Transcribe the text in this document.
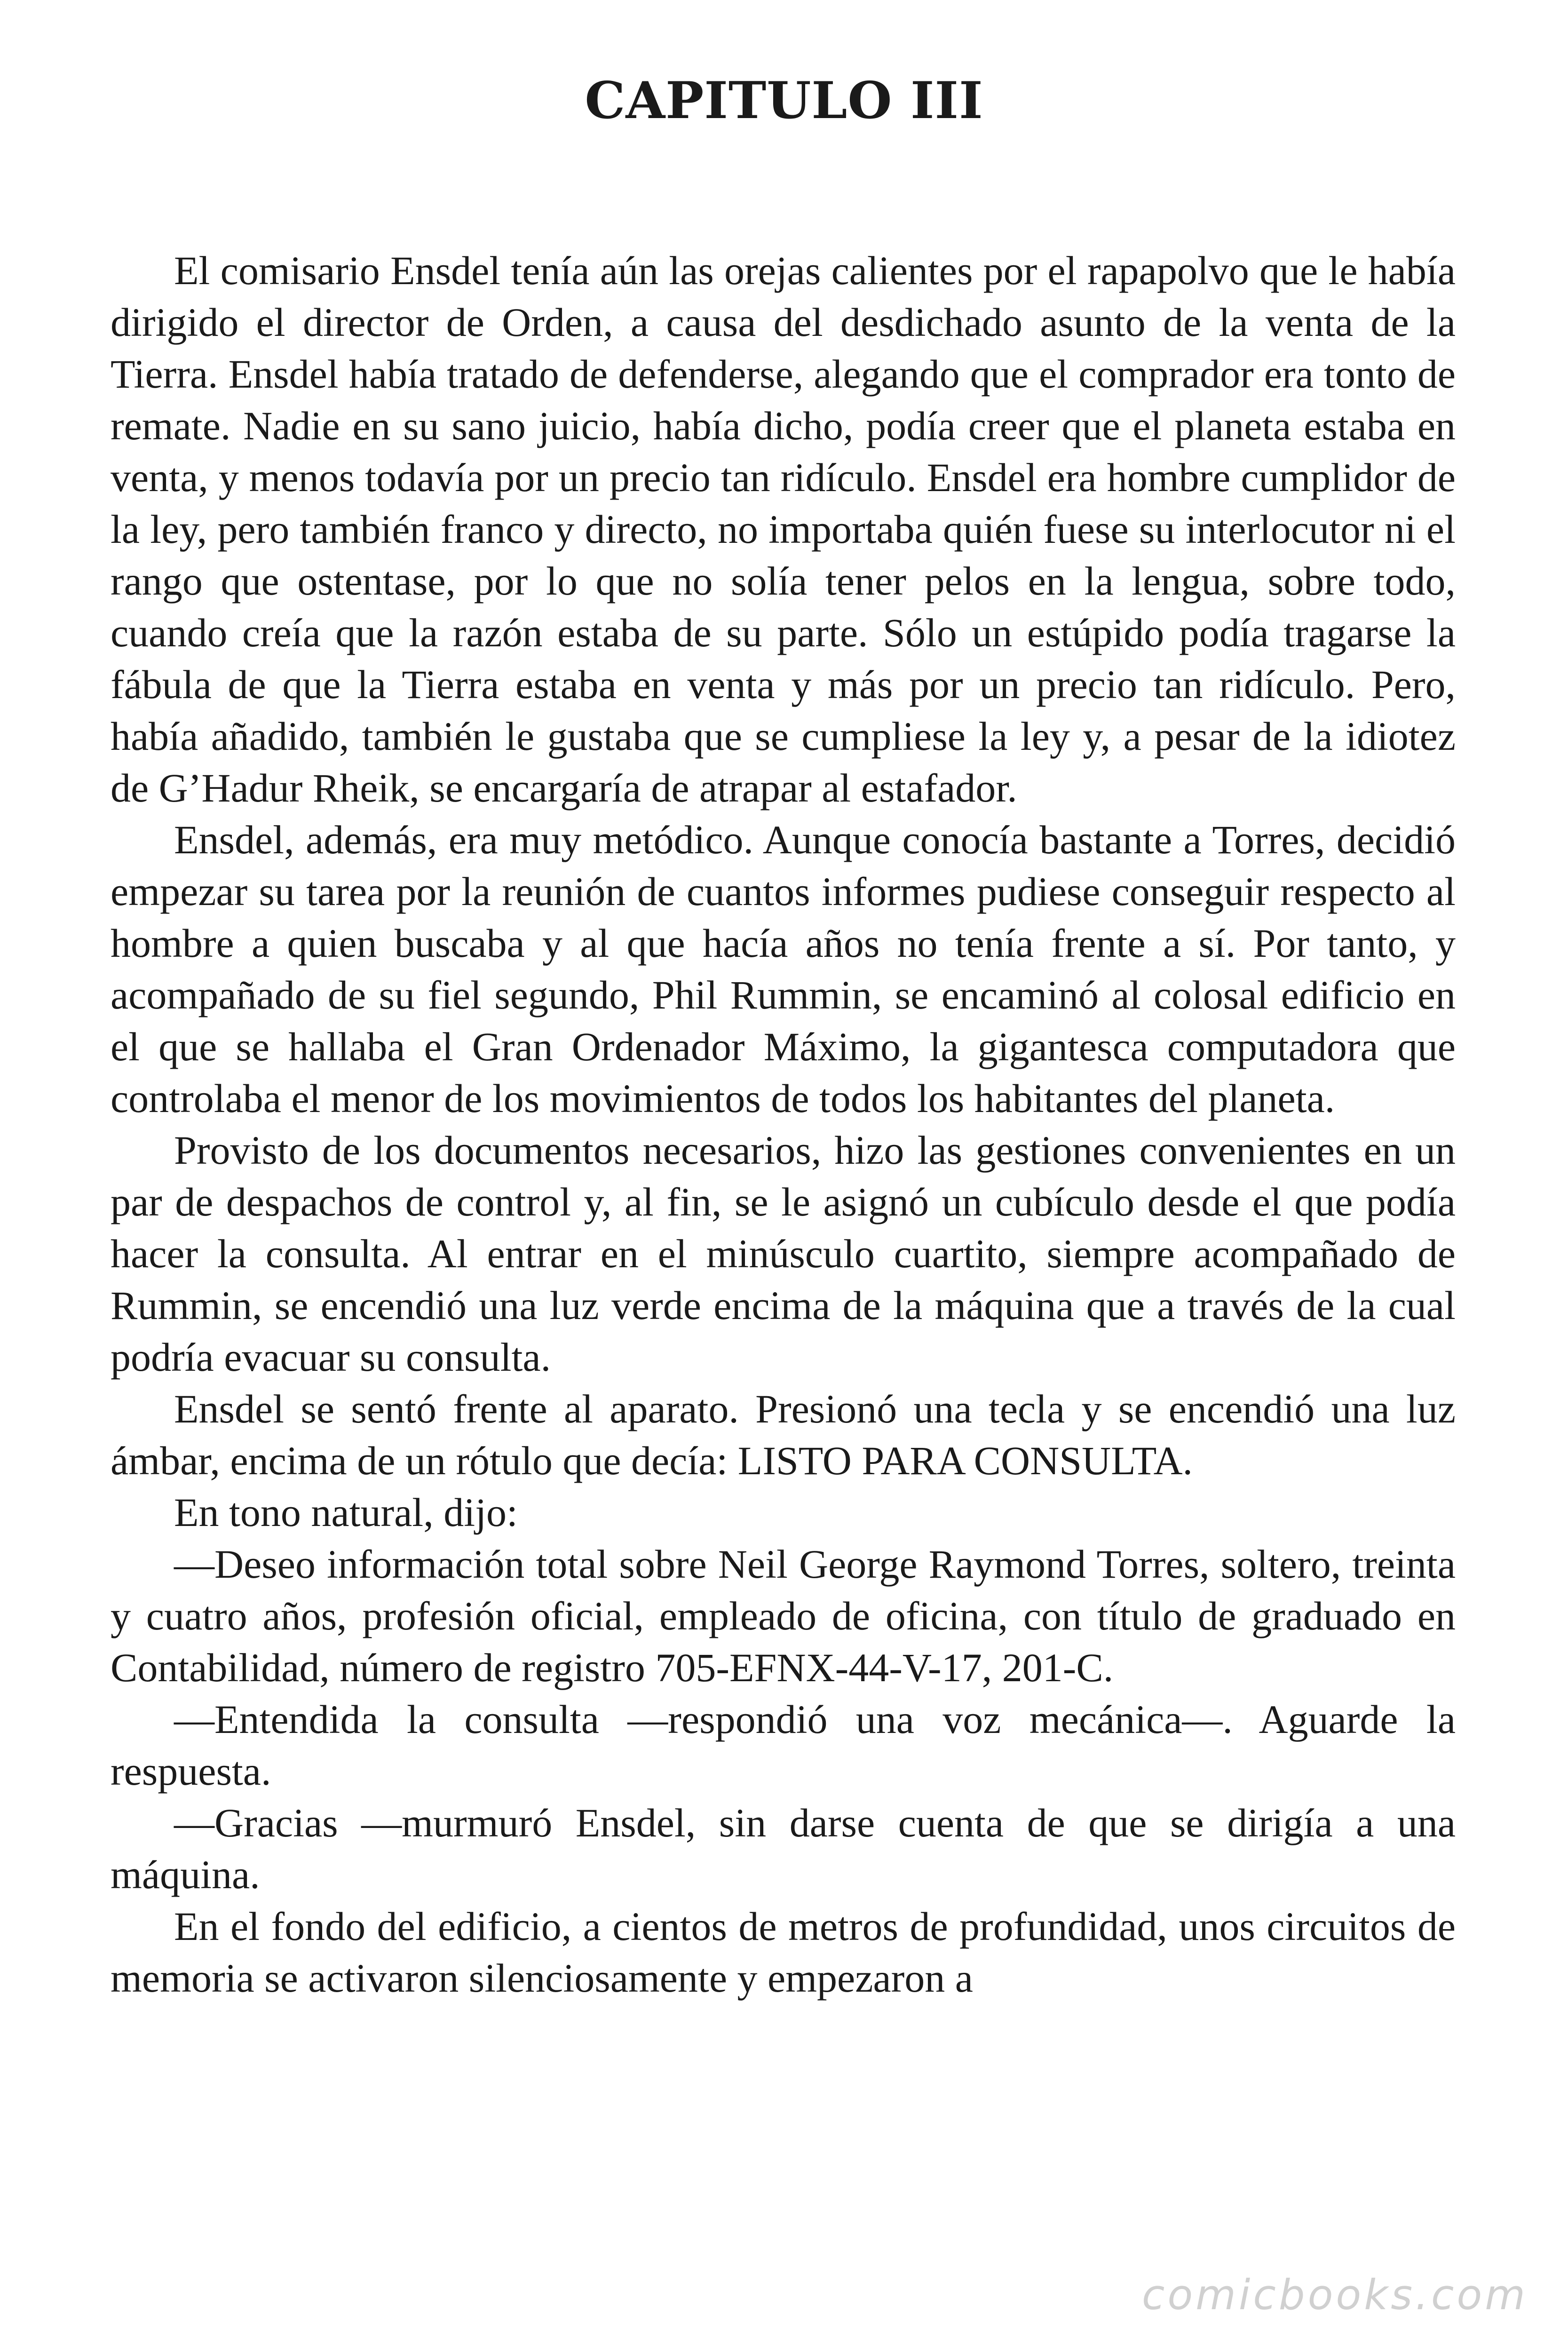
CAPITULO III

El comisario Ensdel tenía aún las orejas calientes por el rapapolvo que le había dirigido el director de Orden, a causa del desdichado asunto de la venta de la Tierra. Ensdel había tratado de defenderse, alegando que el comprador era tonto de remate. Nadie en su sano juicio, había dicho, podía creer que el planeta estaba en venta, y menos todavía por un precio tan ridículo. Ensdel era hombre cumplidor de la ley, pero también franco y directo, no importaba quién fuese su interlocutor ni el rango que ostentase, por lo que no solía tener pelos en la lengua, sobre todo, cuando creía que la razón estaba de su parte. Sólo un estúpido podía tragarse la fábula de que la Tierra estaba en venta y más por un precio tan ridículo. Pero, había añadido, también le gustaba que se cumpliese la ley y, a pesar de la idiotez de G’Hadur Rheik, se encargaría de atrapar al estafador.

Ensdel, además, era muy metódico. Aunque conocía bastante a Torres, decidió empezar su tarea por la reunión de cuantos informes pudiese conseguir respecto al hombre a quien buscaba y al que hacía años no tenía frente a sí. Por tanto, y acompañado de su fiel segundo, Phil Rummin, se encaminó al colosal edificio en el que se hallaba el Gran Ordenador Máximo, la gigantesca computadora que controlaba el menor de los movimientos de todos los habitantes del planeta.

Provisto de los documentos necesarios, hizo las gestiones convenientes en un par de despachos de control y, al fin, se le asignó un cubículo desde el que podía hacer la consulta. Al entrar en el minúsculo cuartito, siempre acompañado de Rummin, se encendió una luz verde encima de la máquina que a través de la cual podría evacuar su consulta.

Ensdel se sentó frente al aparato. Presionó una tecla y se encendió una luz ámbar, encima de un rótulo que decía: LISTO PARA CONSULTA.

En tono natural, dijo:

—Deseo información total sobre Neil George Raymond Torres, soltero, treinta y cuatro años, profesión oficial, empleado de oficina, con título de graduado en Contabilidad, número de registro 705-EFNX-44-V-17, 201-C.

—Entendida la consulta —respondió una voz mecánica—. Aguarde la respuesta.

—Gracias —murmuró Ensdel, sin darse cuenta de que se dirigía a una máquina.

En el fondo del edificio, a cientos de metros de profundidad, unos circuitos de memoria se activaron silenciosamente y empezaron a

comicbooks.com
